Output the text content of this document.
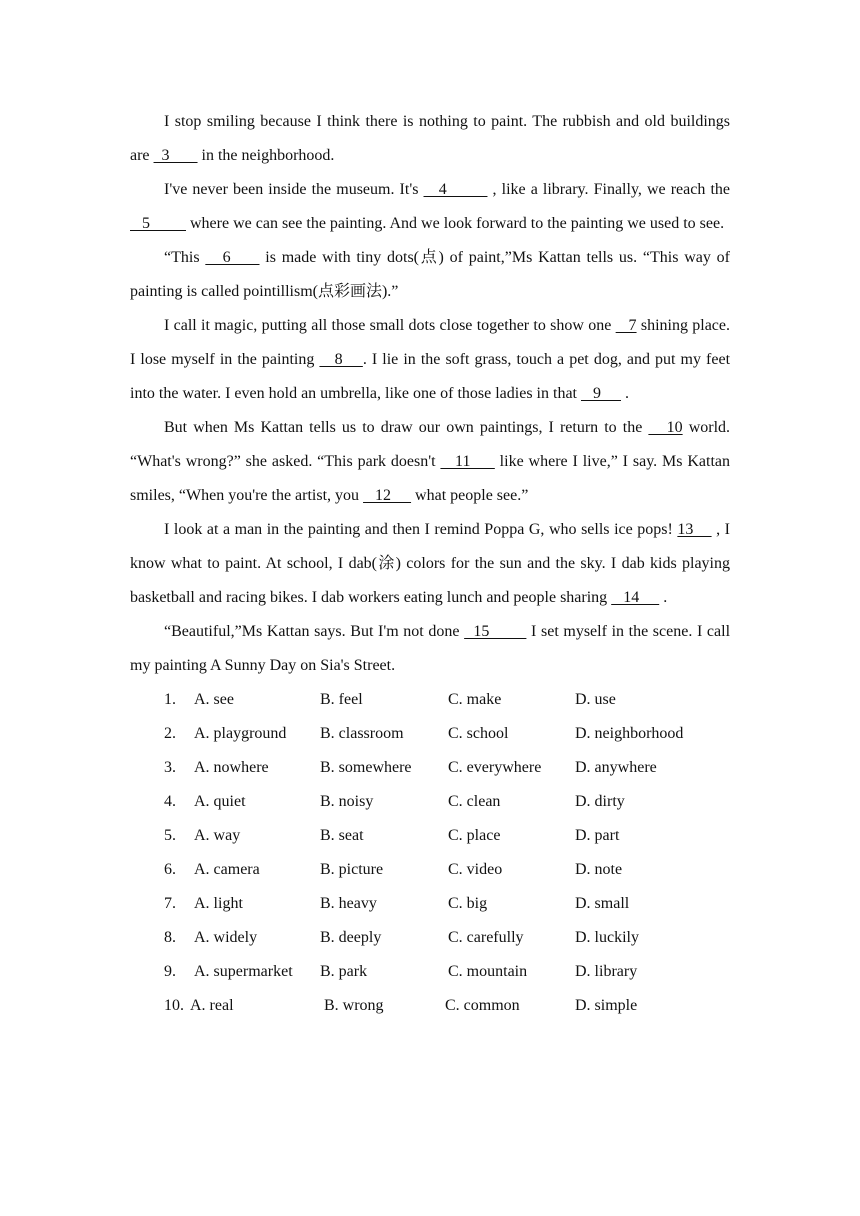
I stop smiling because I think there is nothing to paint. The rubbish and old buildings are   3        in the neighborhood.

I've never been inside the museum. It's    4         , like a library. Finally, we reach the    5          where we can see the painting. And we look forward to the painting we used to see.

“This    6      is made with tiny dots(点) of paint,”Ms Kattan tells us. “This way of painting is called pointillism(点彩画法).”

I call it magic, putting all those small dots close together to show one    7 shining place. I lose myself in the painting    8    . I lie in the soft grass, touch a pet dog, and put my feet into the water. I even hold an umbrella, like one of those ladies in that    9      .

But when Ms Kattan tells us to draw our own paintings, I return to the    10 world. “What's wrong?” she asked. “This park doesn't    11      like where I live,” I say. Ms Kattan smiles, “When you're the artist, you    12      what people see.”

I look at a man in the painting and then I remind Poppa G, who sells ice pops! 13     , I know what to paint. At school, I dab(涂) colors for the sun and the sky. I dab kids playing basketball and racing bikes. I dab workers eating lunch and people sharing    14      .

“Beautiful,”Ms Kattan says. But I'm not done   15         I set myself in the scene. I call my painting A Sunny Day on Sia's Street.

1. A. see	B. feel	C. make	D. use
2. A. playground B. classroom	C. school	D. neighborhood
3. A. nowhere	B. somewhere C. everywhere D. anywhere
4. A. quiet	B. noisy	C. clean	D. dirty
5. A. way	B. seat	C. place	D. part
6. A. camera	B. picture	C. video	D. note
7. A. light	B. heavy	C. big	D. small
8. A. widely	B. deeply	C. carefully	D. luckily
9. A. supermarket B. park	C. mountain	D. library
10. A. real	B. wrong	C. common	D. simple
